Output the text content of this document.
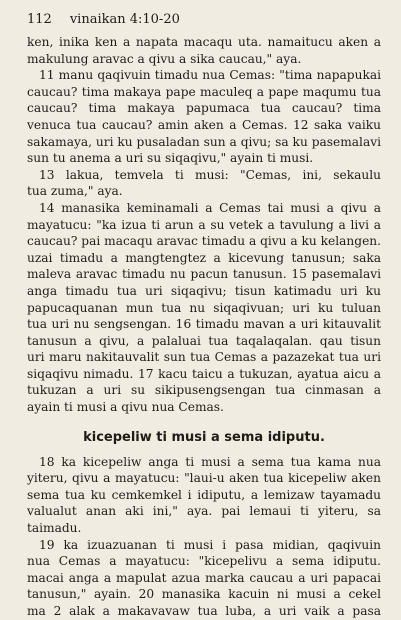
112 vinaikan 4:10-20
ken, inika ken a napata macaqu uta. namaitucu aken a
makulung aravac a qivu a sika caucau," aya.
11 manu qaqivuin timadu nua Cemas: "tima napapukai
caucau? tima makaya pape maculeq a pape maqumu tua
caucau? tima makaya papumaca tua caucau? tima
venuca tua caucau? amin aken a Cemas. 12 saka vaiku
sakamaya, uri ku pusaladan sun a qivu; sa ku pasemalavi
sun tu anema a uri su siqaqivu," ayain ti musi.
13 lakua, temvela ti musi: "Cemas, ini, sekaulu
tua zuma," aya.
14 manasika keminamali a Cemas tai musi a qivu a
mayatucu: "ka izua ti arun a su vetek a tavulung a livi a
caucau? pai macaqu aravac timadu a qivu a ku kelangen.
uzai timadu a mangtengtez a kicevung tanusun; saka
maleva aravac timadu nu pacun tanusun. 15 pasemalavi
anga timadu tua uri siqaqivu; tisun katimadu uri ku
papucaquanan mun tua nu siqaqivuan; uri ku tuluan
tua uri nu sengsengan. 16 timadu mavan a uri kitauvalit
tanusun a qivu, a palaluai tua taqalaqalan. qau tisun
uri maru nakitauvalit sun tua Cemas a pazazekat tua uri
siqaqivu nimadu. 17 kacu taicu a tukuzan, ayatua aicu a
tukuzan a uri su sikipusengsengan tua cinmasan a
ayain ti musi a qivu nua Cemas.
kicepeliw ti musi a sema idiputu.
18 ka kicepeliw anga ti musi a sema tua kama nua
yiteru, qivu a mayatucu: "laui-u aken tua kicepeliw aken
sema tua ku cemkemkel i idiputu, a lemizaw tayamadu
valualut anan aki ini," aya. pai lemaui ti yiteru, sa
taimadu.
19 ka izuazuanan ti musi i pasa midian, qaqivuin
nua Cemas a mayatucu: "kicepelivu a sema idiputu.
macai anga a mapulat azua marka caucau a uri papacai
tanusun," ayain. 20 manasika kacuin ni musi a cekel
ma 2 alak a makavavaw tua luba, a uri vaik a pasa
